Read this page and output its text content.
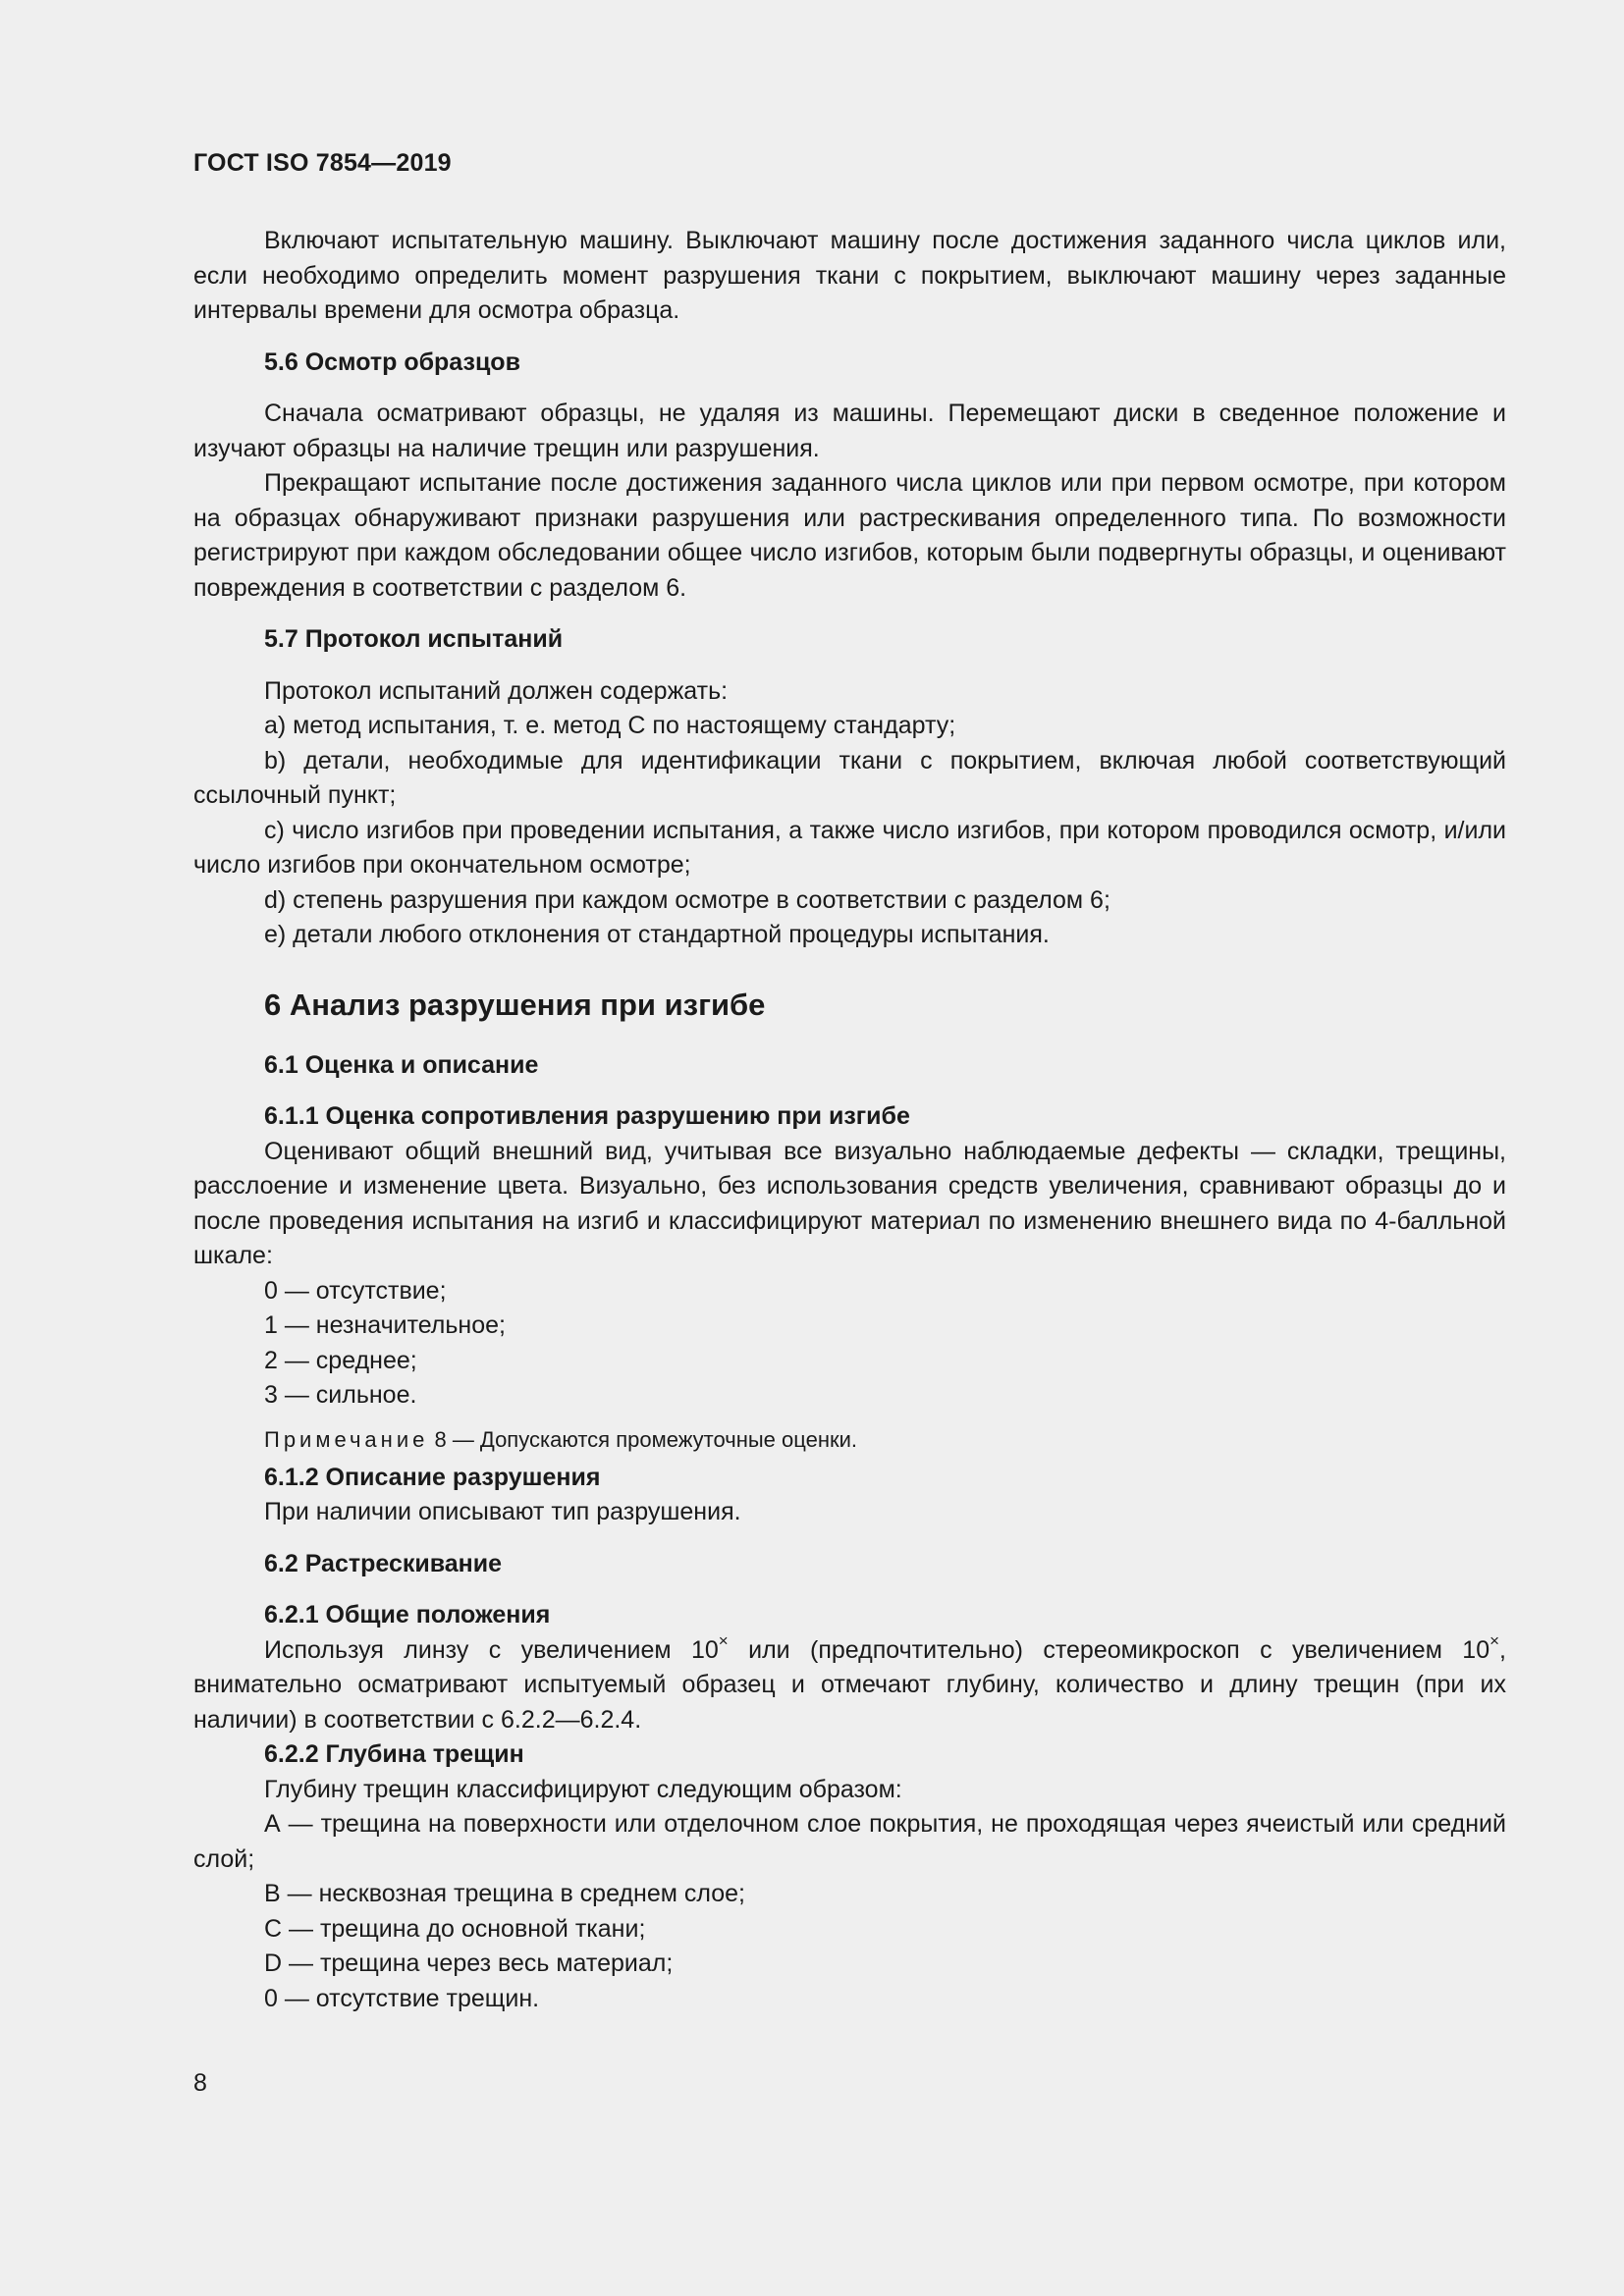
ГОСТ ISO 7854—2019

Включают испытательную машину. Выключают машину после достижения заданного числа циклов или, если необходимо определить момент разрушения ткани с покрытием, выключают машину через заданные интервалы времени для осмотра образца.

5.6 Осмотр образцов

Сначала осматривают образцы, не удаляя из машины. Перемещают диски в сведенное положение и изучают образцы на наличие трещин или разрушения.

Прекращают испытание после достижения заданного числа циклов или при первом осмотре, при котором на образцах обнаруживают признаки разрушения или растрескивания определенного типа. По возможности регистрируют при каждом обследовании общее число изгибов, которым были подвергнуты образцы, и оценивают повреждения в соответствии с разделом 6.

5.7 Протокол испытаний

Протокол испытаний должен содержать:

a) метод испытания, т. е. метод С по настоящему стандарту;

b) детали, необходимые для идентификации ткани с покрытием, включая любой соответствующий ссылочный пункт;

c) число изгибов при проведении испытания, а также число изгибов, при котором проводился осмотр, и/или число изгибов при окончательном осмотре;

d) степень разрушения при каждом осмотре в соответствии с разделом 6;

e) детали любого отклонения от стандартной процедуры испытания.

6 Анализ разрушения при изгибе
6.1 Оценка и описание
6.1.1 Оценка сопротивления разрушению при изгибе

Оценивают общий внешний вид, учитывая все визуально наблюдаемые дефекты — складки, трещины, расслоение и изменение цвета. Визуально, без использования средств увеличения, сравнивают образцы до и после проведения испытания на изгиб и классифицируют материал по изменению внешнего вида по 4-балльной шкале:

0 — отсутствие;

1 — незначительное;

2 — среднее;

3 — сильное.

Примечание 8 — Допускаются промежуточные оценки.
6.1.2 Описание разрушения

При наличии описывают тип разрушения.

6.2 Растрескивание
6.2.1 Общие положения

Используя линзу с увеличением 10× или (предпочтительно) стереомикроскоп с увеличением 10×, внимательно осматривают испытуемый образец и отмечают глубину, количество и длину трещин (при их наличии) в соответствии с 6.2.2—6.2.4.

6.2.2 Глубина трещин

Глубину трещин классифицируют следующим образом:

А — трещина на поверхности или отделочном слое покрытия, не проходящая через ячеистый или средний слой;

В — несквозная трещина в среднем слое;

С — трещина до основной ткани;

D — трещина через весь материал;

0 — отсутствие трещин.

8
